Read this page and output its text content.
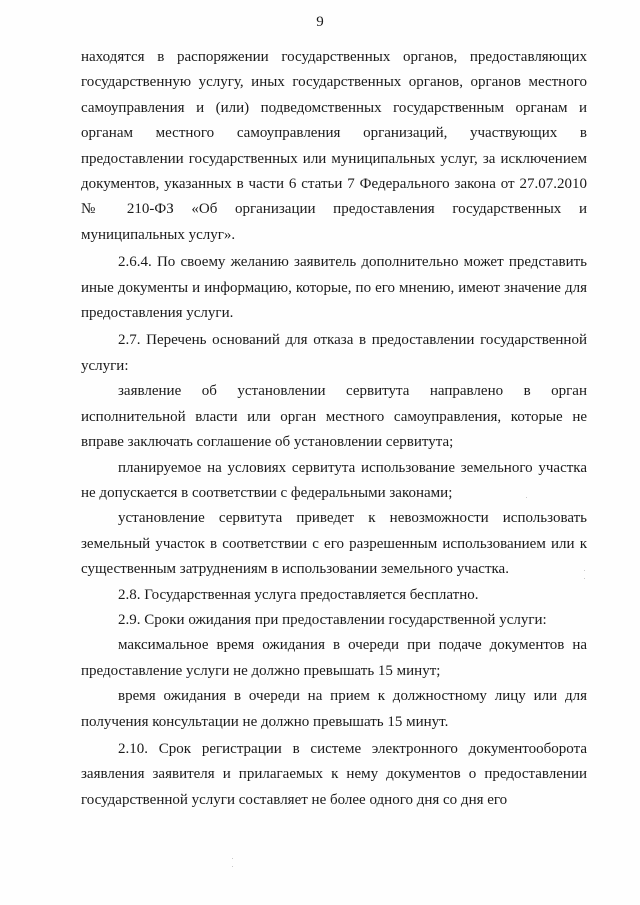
9

находятся в распоряжении государственных органов, предоставляющих государственную услугу, иных государственных органов, органов местного самоуправления и (или) подведомственных государственным органам и органам местного самоуправления организаций, участвующих в предоставлении государственных или муниципальных услуг, за исключением документов, указанных в части 6 статьи 7 Федерального закона от 27.07.2010 № 210-ФЗ «Об организации предоставления государственных и муниципальных услуг».

2.6.4. По своему желанию заявитель дополнительно может представить иные документы и информацию, которые, по его мнению, имеют значение для предоставления услуги.

2.7. Перечень оснований для отказа в предоставлении государственной услуги:

заявление об установлении сервитута направлено в орган исполнительной власти или орган местного самоуправления, которые не вправе заключать соглашение об установлении сервитута;

планируемое на условиях сервитута использование земельного участка не допускается в соответствии с федеральными законами;

установление сервитута приведет к невозможности использовать земельный участок в соответствии с его разрешенным использованием или к существенным затруднениям в использовании земельного участка.

2.8. Государственная услуга предоставляется бесплатно.

2.9. Сроки ожидания при предоставлении государственной услуги:

максимальное время ожидания в очереди при подаче документов на предоставление услуги не должно превышать 15 минут;

время ожидания в очереди на прием к должностному лицу или для получения консультации не должно превышать 15 минут.

2.10. Срок регистрации в системе электронного документооборота заявления заявителя и прилагаемых к нему документов о предоставлении государственной услуги составляет не более одного дня со дня его
